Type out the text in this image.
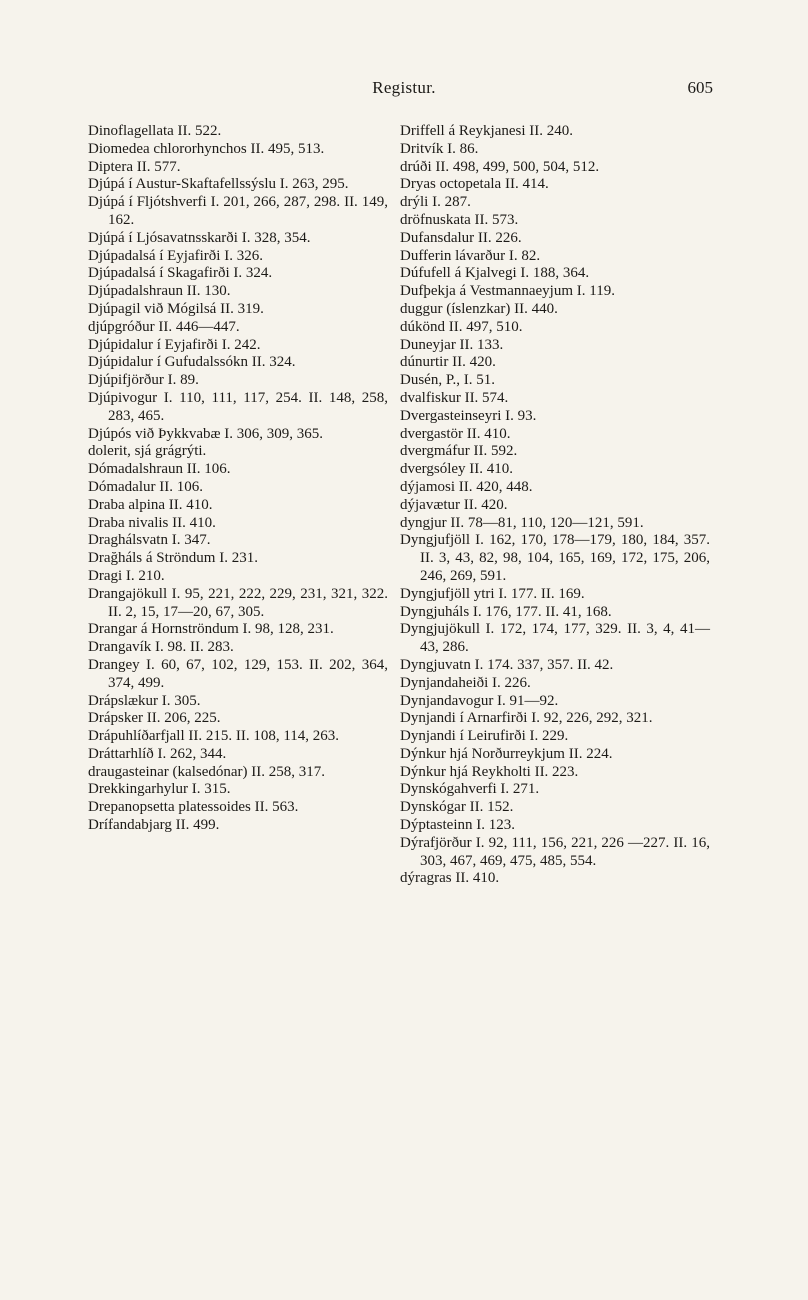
Registur.	605

Dinoflagellata II. 522.

Diomedea chlororhynchos II. 495, 513.

Diptera II. 577.

Djúpá í Austur-Skaftafellssýslu I. 263, 295.

Djúpá í Fljótshverfi I. 201, 266, 287, 298. II. 149, 162.

Djúpá í Ljósavatnsskarði I. 328, 354.

Djúpadalsá í Eyjafirði I. 326.

Djúpadalsá í Skagafirði I. 324.

Djúpadalshraun II. 130.

Djúpagil við Mógilsá II. 319.

djúpgróður II. 446—447.

Djúpidalur í Eyjafirði I. 242.

Djúpidalur í Gufudalssókn II. 324.

Djúpifjörður I. 89.

Djúpivogur I. 110, 111, 117, 254. II. 148, 258, 283, 465.

Djúpós við Þykkvabæ I. 306, 309, 365.

dolerit, sjá grágrýti.

Dómadalshraun II. 106.

Dómadalur II. 106.

Draba alpina II. 410.

Draba nivalis II. 410.

Draghálsvatn I. 347.

Drağháls á Ströndum I. 231.

Dragi I. 210.

Drangajökull I. 95, 221, 222, 229, 231, 321, 322. II. 2, 15, 17—20, 67, 305.

Drangar á Hornströndum I. 98, 128, 231.

Drangavík I. 98. II. 283.

Drangey I. 60, 67, 102, 129, 153. II. 202, 364, 374, 499.

Drápslækur I. 305.

Drápsker II. 206, 225.

Drápuhlíðarfjall II. 215. II. 108, 114, 263.

Dráttarhlíð I. 262, 344.

draugasteinar (kalsedónar) II. 258, 317.

Drekkingarhylur I. 315.

Drepanopsetta platessoides II. 563.

Drífandabjarg II. 499.

Driffell á Reykjanesi II. 240.

Dritvík I. 86.

drúði II. 498, 499, 500, 504, 512.

Dryas octopetala II. 414.

drýli I. 287.

dröfnuskata II. 573.

Dufansdalur II. 226.

Dufferin lávarður I. 82.

Dúfufell á Kjalvegi I. 188, 364.

Dufþekja á Vestmannaeyjum I. 119.

duggur (íslenzkar) II. 440.

dúkönd II. 497, 510.

Duneyjar II. 133.

dúnurtir II. 420.

Dusén, P., I. 51.

dvalfiskur II. 574.

Dvergasteinseyri I. 93.

dvergastör II. 410.

dvergmáfur II. 592.

dvergsóley II. 410.

dýjamosi II. 420, 448.

dýjavætur II. 420.

dyngjur II. 78—81, 110, 120—121, 591.

Dyngjufjöll I. 162, 170, 178—179, 180, 184, 357. II. 3, 43, 82, 98, 104, 165, 169, 172, 175, 206, 246, 269, 591.

Dyngjufjöll ytri I. 177. II. 169.

Dyngjuháls I. 176, 177. II. 41, 168.

Dyngjujökull I. 172, 174, 177, 329. II. 3, 4, 41—43, 286.

Dyngjuvatn I. 174. 337, 357. II. 42.

Dynjandaheiði I. 226.

Dynjandavogur I. 91—92.

Dynjandi í Arnarfirði I. 92, 226, 292, 321.

Dynjandi í Leirufirði I. 229.

Dýnkur hjá Norðurreykjum II. 224.

Dýnkur hjá Reykholti II. 223.

Dynskógahverfi I. 271.

Dynskógar II. 152.

Dýptasteinn I. 123.

Dýrafjörður I. 92, 111, 156, 221, 226 —227. II. 16, 303, 467, 469, 475, 485, 554.

dýragras II. 410.
